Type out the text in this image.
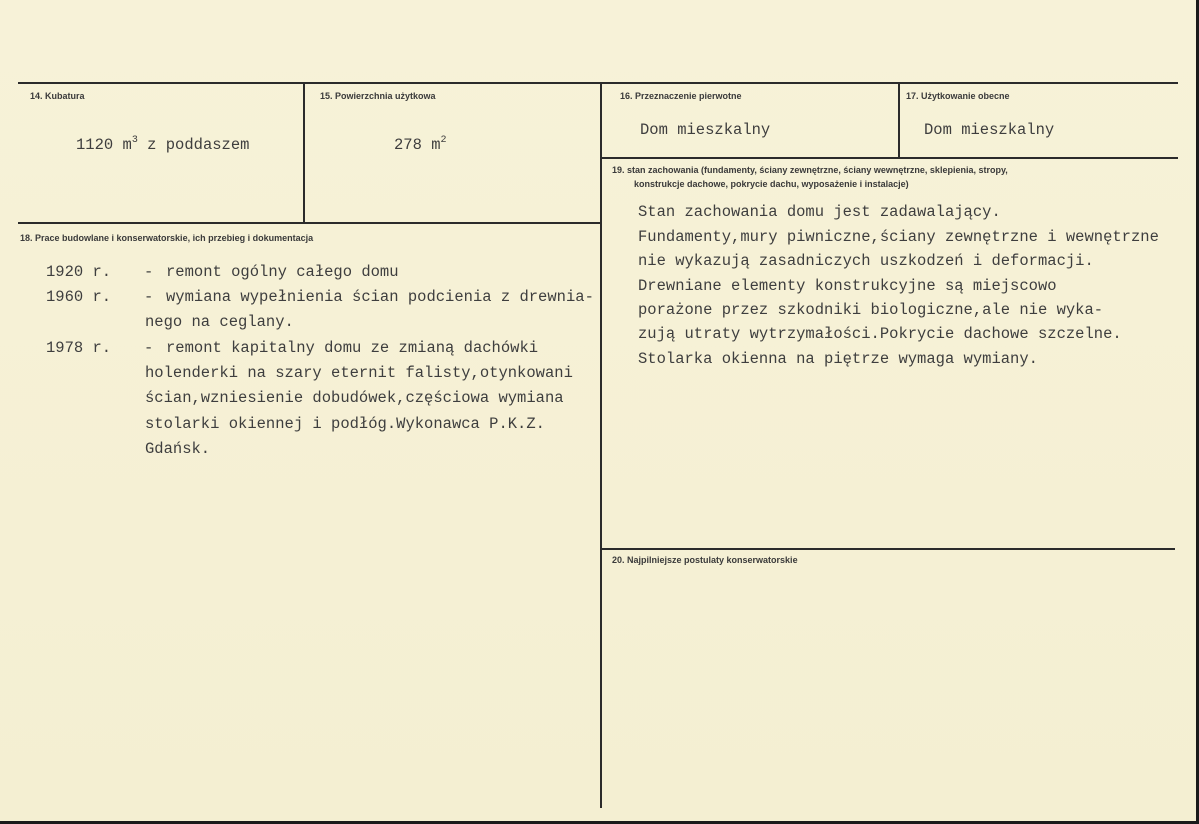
14. Kubatura
1120 $m^3$ z poddaszem
15. Powierzchnia użytkowa
278 $m^2$
16. Przeznaczenie pierwotne
Dom mieszkalny
17. Użytkowanie obecne
Dom mieszkalny
18. Prace budowlane i konserwatorskie, ich przebieg i dokumentacja
1920 r. - remont ogólny całego domu
1960 r. - wymiana wypełnienia ścian podcienia z drewnia-
nego na ceglany.
1978 r. - remont kapitalny domu ze zmianą dachówki
holenderki na szary eternit falisty,otynkowani
ścian,wzniesienie dobudówek,częściowa wymiana
stolarki okiennej i podłóg.Wykonawca P.K.Z.
Gdańsk.
19. stan zachowania (fundamenty, ściany zewnętrzne, ściany wewnętrzne, sklepienia, stropy,
konstrukcje dachowe, pokrycie dachu, wyposażenie i instalacje)
Stan zachowania domu jest zadawalający.
Fundamenty,mury piwniczne,ściany zewnętrzne i wewnętrzne
nie wykazują zasadniczych uszkodzeń i deformacji.
Drewniane elementy konstrukcyjne są miejscowo
porażone przez szkodniki biologiczne,ale nie wyka-
zują utraty wytrzymałości.Pokrycie dachowe szczelne.
Stolarka okienna na piętrze wymaga wymiany.
20. Najpilniejsze postulaty konserwatorskie
